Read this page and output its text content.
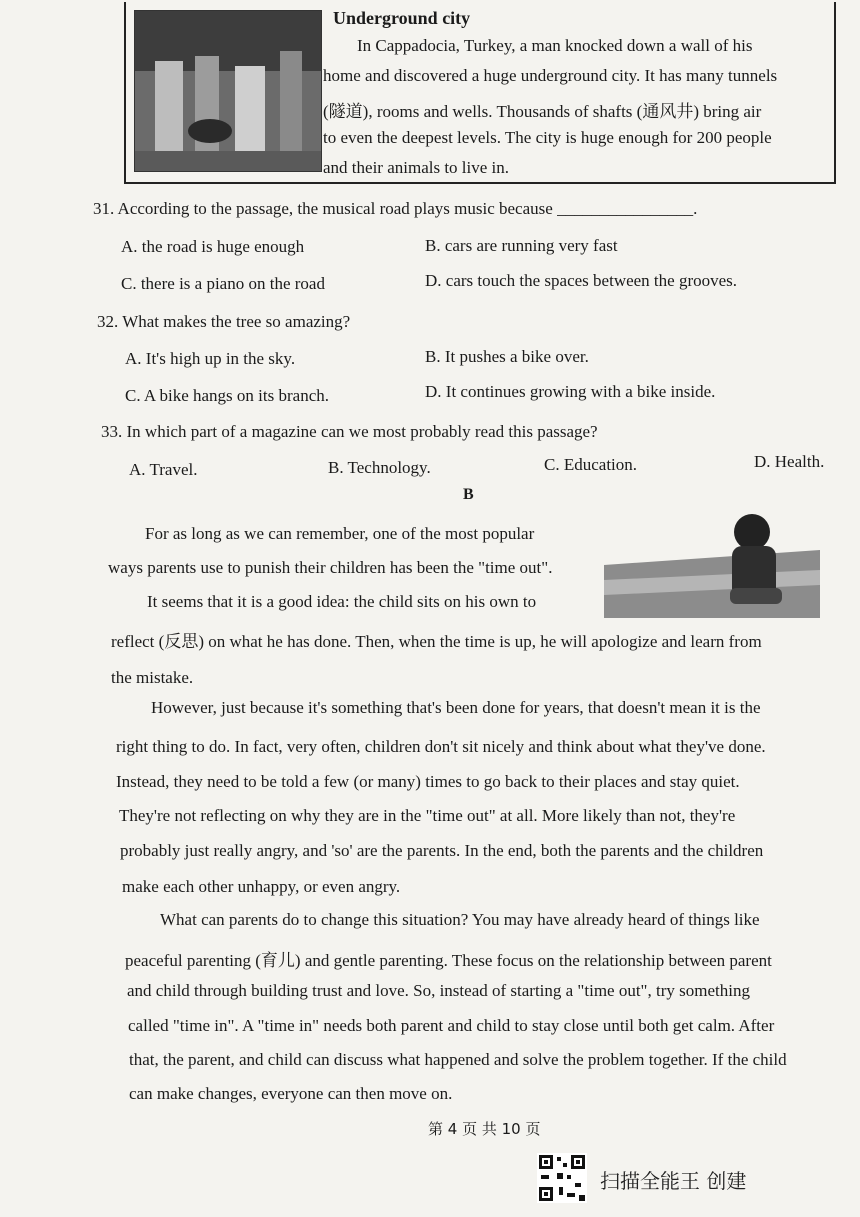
Underground city
In Cappadocia, Turkey, a man knocked down a wall of his
home and discovered a huge underground city. It has many tunnels
(隧道), rooms and wells. Thousands of shafts (通风井) bring air
to even the deepest levels. The city is huge enough for 200 people
and their animals to live in.
31. According to the passage, the musical road plays music because ________________.
A. the road is huge enough	B. cars are running very fast
C. there is a piano on the road	D. cars touch the spaces between the grooves.
32. What makes the tree so amazing?
A. It's high up in the sky.	B. It pushes a bike over.
C. A bike hangs on its branch.	D. It continues growing with a bike inside.
33. In which part of a magazine can we most probably read this passage?
A. Travel.	B. Technology.	C. Education.	D. Health.
B
For as long as we can remember, one of the most popular
ways parents use to punish their children has been the "time out".
It seems that it is a good idea: the child sits on his own to
reflect (反思) on what he has done. Then, when the time is up, he will apologize and learn from
the mistake.
However, just because it's something that's been done for years, that doesn't mean it is the
right thing to do. In fact, very often, children don't sit nicely and think about what they've done.
Instead, they need to be told a few (or many) times to go back to their places and stay quiet.
They're not reflecting on why they are in the "time out" at all. More likely than not, they're
probably just really angry, and 'so' are the parents. In the end, both the parents and the children
make each other unhappy, or even angry.
What can parents do to change this situation? You may have already heard of things like
peaceful parenting (育儿) and gentle parenting. These focus on the relationship between parent
and child through building trust and love. So, instead of starting a "time out", try something
called "time in". A "time in" needs both parent and child to stay close until both get calm. After
that, the parent, and child can discuss what happened and solve the problem together. If the child
can make changes, everyone can then move on.
第 4 页 共 10 页
扫描全能王 创建
